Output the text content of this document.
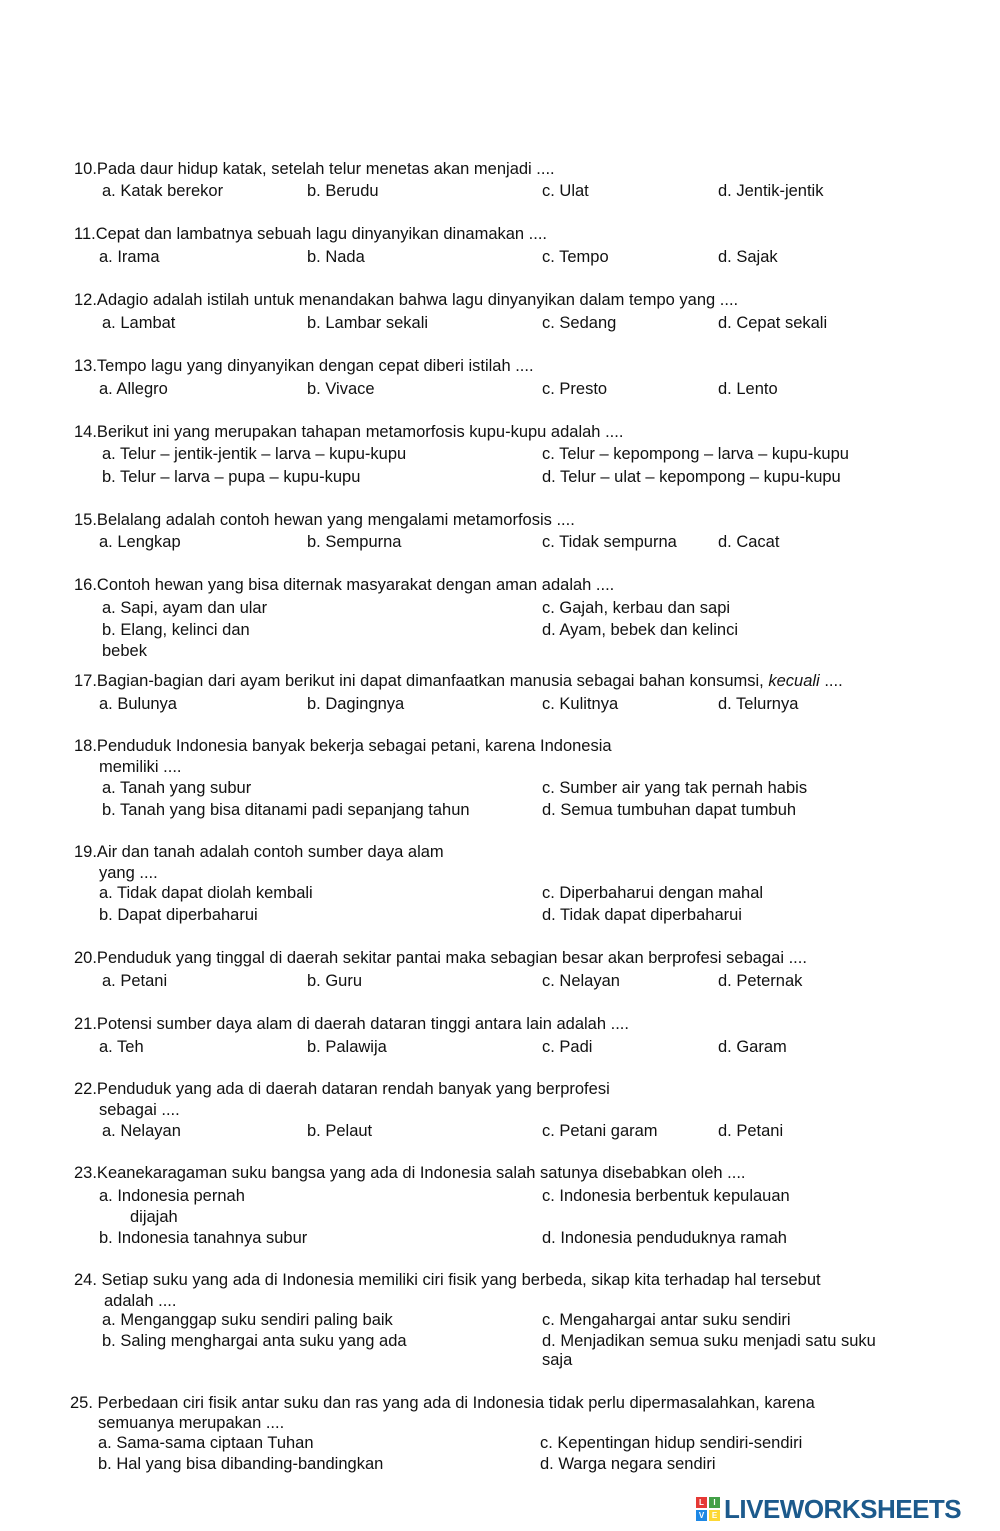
10.Pada daur hidup katak, setelah telur menetas akan menjadi ....
a. Katak berekor	b. Berudu	c. Ulat	d. Jentik-jentik
11.Cepat dan lambatnya sebuah lagu dinyanyikan dinamakan ....
a. Irama	b. Nada	c. Tempo	d. Sajak
12.Adagio adalah istilah untuk menandakan bahwa lagu dinyanyikan dalam tempo yang ....
a. Lambat	b. Lambar sekali	c. Sedang	d. Cepat sekali
13.Tempo lagu yang dinyanyikan dengan cepat diberi istilah ....
a. Allegro	b. Vivace	c. Presto	d. Lento
14.Berikut ini yang merupakan tahapan metamorfosis kupu-kupu adalah ....
a. Telur – jentik-jentik – larva – kupu-kupu	c. Telur – kepompong – larva – kupu-kupu
b. Telur – larva – pupa – kupu-kupu	d. Telur – ulat – kepompong – kupu-kupu
15.Belalang adalah contoh hewan yang mengalami metamorfosis ....
a. Lengkap	b. Sempurna	c. Tidak sempurna d. Cacat
16.Contoh hewan yang bisa diternak masyarakat dengan aman adalah ....
a. Sapi, ayam dan ular	c. Gajah, kerbau dan sapi
b. Elang, kelinci dan	d. Ayam, bebek dan kelinci
bebek
17.Bagian-bagian dari ayam berikut ini dapat dimanfaatkan manusia sebagai bahan konsumsi, kecuali ....
a. Bulunya	b. Dagingnya	c. Kulitnya	d. Telurnya
18.Penduduk Indonesia banyak bekerja sebagai petani, karena Indonesia
memiliki ....
a. Tanah yang subur	c. Sumber air yang tak pernah habis
b. Tanah yang bisa ditanami padi sepanjang tahun	d. Semua tumbuhan dapat tumbuh
19.Air dan tanah adalah contoh sumber daya alam
yang ....
a. Tidak dapat diolah kembali	c. Diperbaharui dengan mahal
b. Dapat diperbaharui	d. Tidak dapat diperbaharui
20.Penduduk yang tinggal di daerah sekitar pantai maka sebagian besar akan berprofesi sebagai ....
a. Petani	b. Guru	c. Nelayan	d. Peternak
21.Potensi sumber daya alam di daerah dataran tinggi antara lain adalah ....
a. Teh	b. Palawija	c. Padi	d. Garam
22.Penduduk yang ada di daerah dataran rendah banyak yang berprofesi
sebagai ....
a. Nelayan	b. Pelaut	c. Petani garam	d. Petani
23.Keanekaragaman suku bangsa yang ada di Indonesia salah satunya disebabkan oleh ....
a. Indonesia pernah	c. Indonesia berbentuk kepulauan
dijajah
b. Indonesia tanahnya subur	d. Indonesia penduduknya ramah
24. Setiap suku yang ada di Indonesia memiliki ciri fisik yang berbeda, sikap kita terhadap hal tersebut
adalah ....
a. Menganggap suku sendiri paling baik	c. Mengahargai antar suku sendiri
b. Saling menghargai anta suku yang ada	d. Menjadikan semua suku menjadi satu suku
saja
25. Perbedaan ciri fisik antar suku dan ras yang ada di Indonesia tidak perlu dipermasalahkan, karena
semuanya merupakan ....
a. Sama-sama ciptaan Tuhan	c. Kepentingan hidup sendiri-sendiri
b. Hal yang bisa dibanding-bandingkan	d. Warga negara sendiri
L	I
V E LIVEWORKSHEETS
